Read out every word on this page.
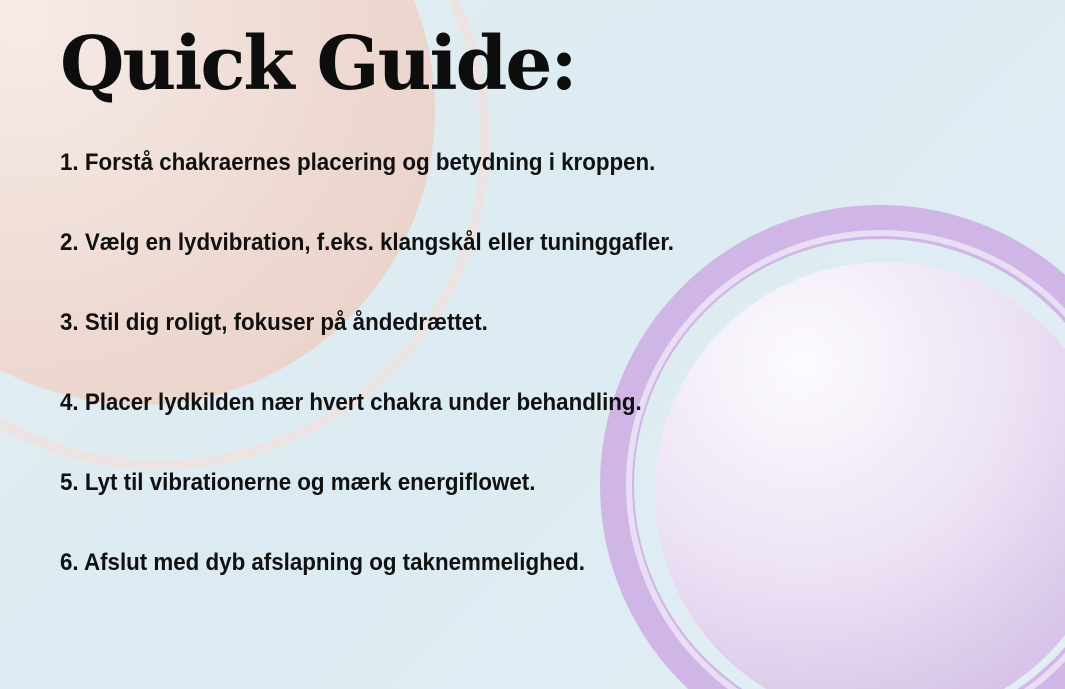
Quick Guide:
1. Forstå chakraernes placering og betydning i kroppen.
2. Vælg en lydvibration, f.eks. klangskål eller tuninggafler.
3. Stil dig roligt, fokuser på åndedrættet.
4. Placer lydkilden nær hvert chakra under behandling.
5. Lyt til vibrationerne og mærk energiflowet.
6. Afslut med dyb afslapning og taknemmelighed.
